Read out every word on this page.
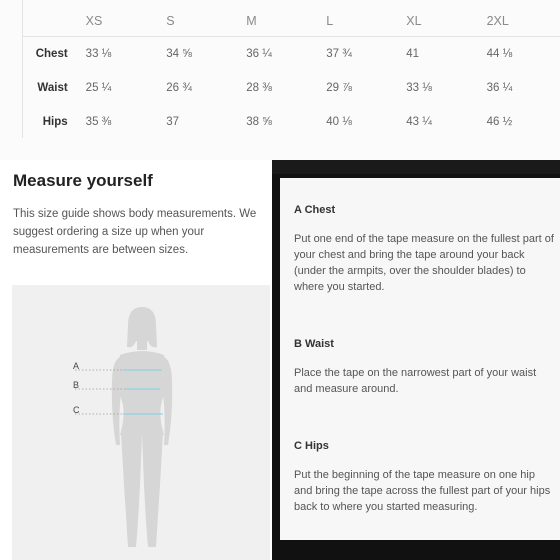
	XS	S	M	L	XL	2XL
Chest	33 ⅛	34 ⅝	36 ¼	37 ¾	41	44 ⅛
Waist	25 ¼	26 ¾	28 ⅜	29 ⅞	33 ⅛	36 ¼
Hips	35 ⅜	37	38 ⅝	40 ⅛	43 ¼	46 ½
Measure yourself

This size guide shows body measurements. We suggest ordering a size up when your measurements are between sizes.

A
B
C
A Chest

Put one end of the tape measure on the fullest part of your chest and bring the tape around your back (under the armpits, over the shoulder blades) to where you started.

B Waist

Place the tape on the narrowest part of your waist and measure around.

C Hips

Put the beginning of the tape measure on one hip and bring the tape across the fullest part of your hips back to where you started measuring.
